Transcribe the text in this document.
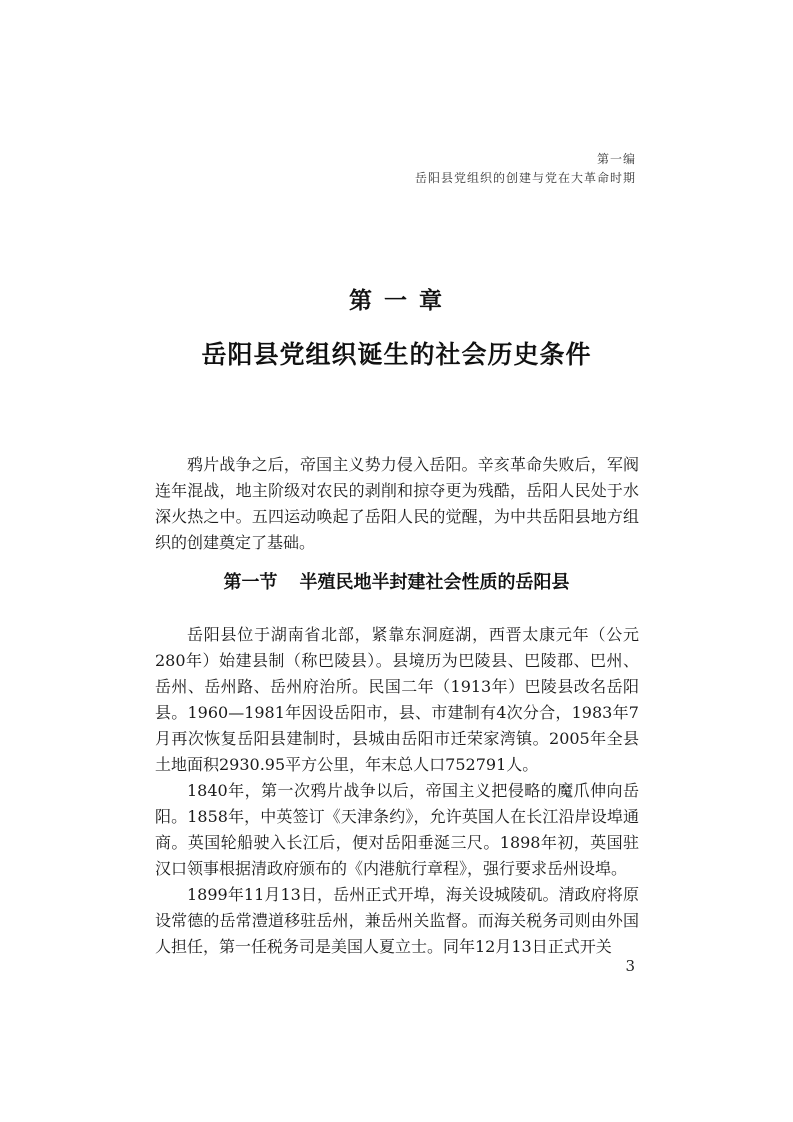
第一编
岳阳县党组织的创建与党在大革命时期
第 一 章
岳阳县党组织诞生的社会历史条件

鸦片战争之后，帝国主义势力侵入岳阳。辛亥革命失败后，军阀连年混战，地主阶级对农民的剥削和掠夺更为残酷，岳阳人民处于水深火热之中。五四运动唤起了岳阳人民的觉醒，为中共岳阳县地方组织的创建奠定了基础。

第一节 半殖民地半封建社会性质的岳阳县

岳阳县位于湖南省北部，紧靠东洞庭湖，西晋太康元年（公元280年）始建县制（称巴陵县）。县境历为巴陵县、巴陵郡、巴州、岳州、岳州路、岳州府治所。民国二年（1913年）巴陵县改名岳阳县。1960—1981年因设岳阳市，县、市建制有4次分合，1983年7月再次恢复岳阳县建制时，县城由岳阳市迁荣家湾镇。2005年全县土地面积2930.95平方公里，年末总人口752791人。

1840年，第一次鸦片战争以后，帝国主义把侵略的魔爪伸向岳阳。1858年，中英签订《天津条约》，允许英国人在长江沿岸设埠通商。英国轮船驶入长江后，便对岳阳垂涎三尺。1898年初，英国驻汉口领事根据清政府颁布的《内港航行章程》，强行要求岳州设埠。

1899年11月13日，岳州正式开埠，海关设城陵矶。清政府将原设常德的岳常澧道移驻岳州，兼岳州关监督。而海关税务司则由外国人担任，第一任税务司是美国人夏立士。同年12月13日正式开关

3
